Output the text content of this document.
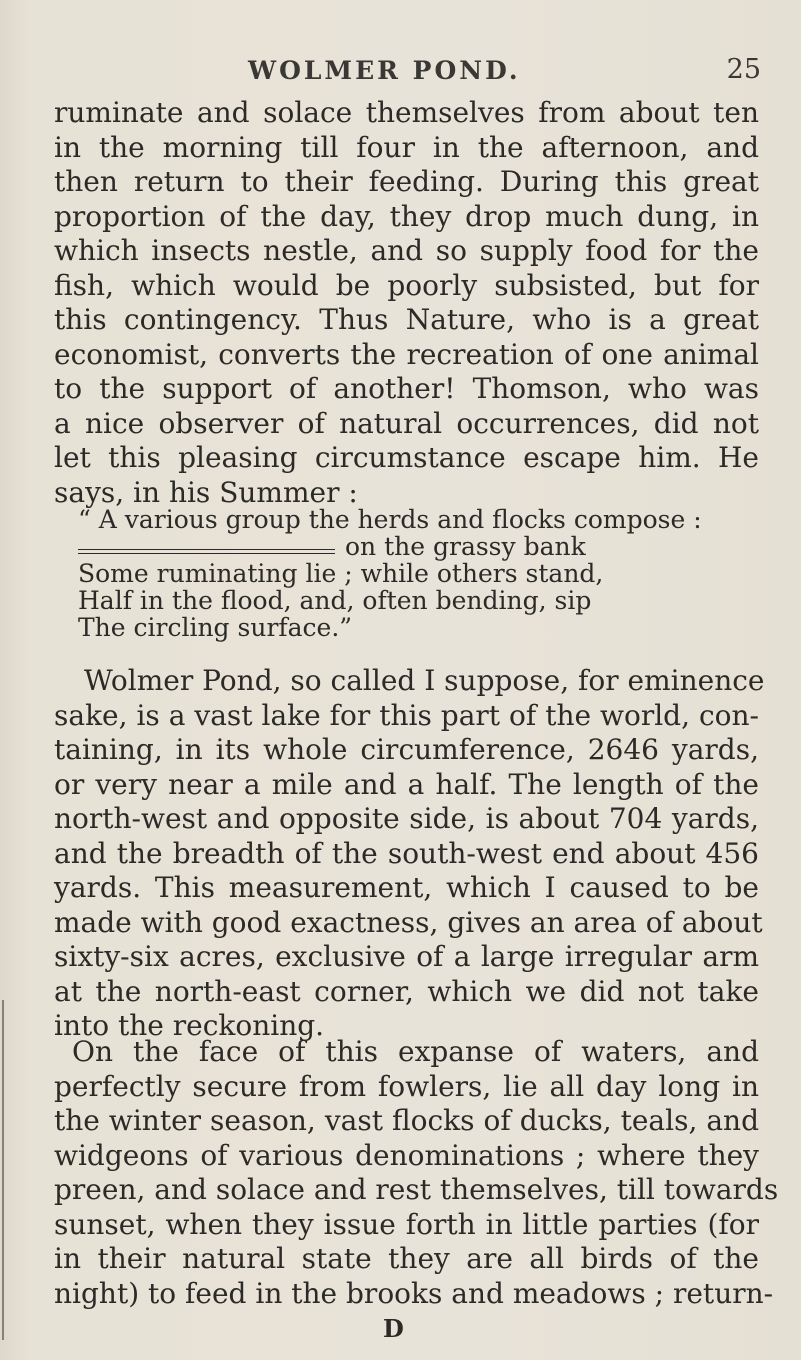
WOLMER POND.	25
ruminate and solace themselves from about ten
in the morning till four in the afternoon, and
then return to their feeding. During this great
proportion of the day, they drop much dung, in
which insects nestle, and so supply food for the
fish, which would be poorly subsisted, but for
this contingency. Thus Nature, who is a great
economist, converts the recreation of one animal
to the support of another! Thomson, who was
a nice observer of natural occurrences, did not
let this pleasing circumstance escape him. He
says, in his Summer :
“ A various group the herds and flocks compose :
on the grassy bank
Some ruminating lie ; while others stand,
Half in the flood, and, often bending, sip
The circling surface.”
Wolmer Pond, so called I suppose, for eminence
sake, is a vast lake for this part of the world, con-
taining, in its whole circumference, 2646 yards,
or very near a mile and a half. The length of the
north-west and opposite side, is about 704 yards,
and the breadth of the south-west end about 456
yards. This measurement, which I caused to be
made with good exactness, gives an area of about
sixty-six acres, exclusive of a large irregular arm
at the north-east corner, which we did not take
into the reckoning.
On the face of this expanse of waters, and
perfectly secure from fowlers, lie all day long in
the winter season, vast flocks of ducks, teals, and
widgeons of various denominations ; where they
preen, and solace and rest themselves, till towards
sunset, when they issue forth in little parties (for
in their natural state they are all birds of the
night) to feed in the brooks and meadows ; return-
D
